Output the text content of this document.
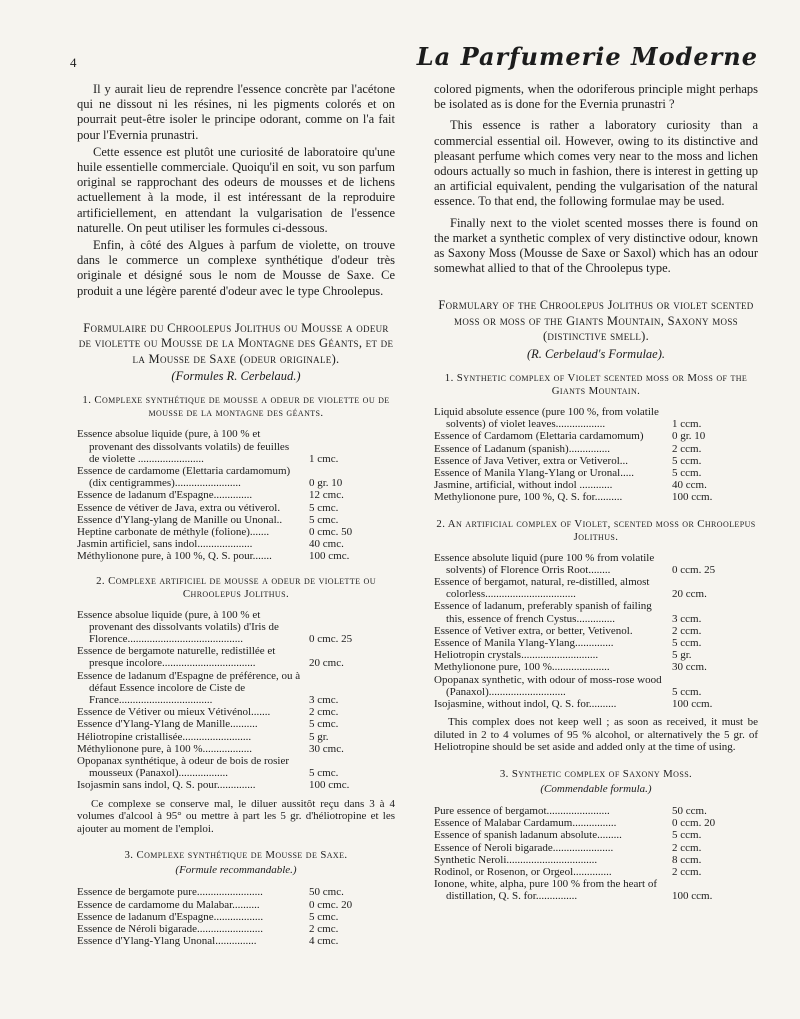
4	La Parfumerie Moderne

Il y aurait lieu de reprendre l'essence concrète par l'acétone qui ne dissout ni les résines, ni les pigments colorés et on pourrait peut-être isoler le principe odorant, comme on l'a fait pour l'Evernia prunastri.

Cette essence est plutôt une curiosité de laboratoire qu'une huile essentielle commerciale. Quoiqu'il en soit, vu son parfum original se rapprochant des odeurs de mousses et de lichens actuellement à la mode, il est intéressant de la reproduire artificiellement, en attendant la vulgarisation de l'essence naturelle. On peut utiliser les formules ci-dessous.

Enfin, à côté des Algues à parfum de violette, on trouve dans le commerce un complexe synthétique d'odeur très originale et désigné sous le nom de Mousse de Saxe. Ce produit a une légère parenté d'odeur avec le type Chroolepus.

Formulaire du Chroolepus Jolithus ou Mousse a odeur de violette ou Mousse de la Montagne des Géants, et de la Mousse de Saxe (odeur originale).
(Formules R. Cerbelaud.)
1. Complexe synthétique de mousse a odeur de violette ou de mousse de la montagne des géants.
Essence absolue liquide (pure, à 100 % et provenant des dissolvants volatils) de feuilles de violette ........................	1 cmc.
Essence de cardamome (Elettaria cardamomum) (dix centigrammes)........................	0 gr. 10
Essence de ladanum d'Espagne..............	12 cmc.
Essence de vétiver de Java, extra ou vétiverol.	5 cmc.
Essence d'Ylang-ylang de Manille ou Unonal..	5 cmc.
Heptine carbonate de méthyle (folione).......	0 cmc. 50
Jasmin artificiel, sans indol....................	40 cmc.
Méthylionone pure, à 100 %, Q. S. pour.......	100 cmc.
2. Complexe artificiel de mousse a odeur de violette ou Chroolepus Jolithus.
Essence absolue liquide (pure, à 100 % et provenant des dissolvants volatils) d'Iris de Florence..........................................	0 cmc. 25
Essence de bergamote naturelle, redistillée et presque incolore..................................	20 cmc.
Essence de ladanum d'Espagne de préférence, ou à défaut Essence incolore de Ciste de France..................................	3 cmc.
Essence de Vétiver ou mieux Vétivénol.......	2 cmc.
Essence d'Ylang-Ylang de Manille..........	5 cmc.
Héliotropine cristallisée.........................	5 gr.
Méthylionone pure, à 100 %..................	30 cmc.
Opopanax synthétique, à odeur de bois de rosier mousseux (Panaxol)..................	5 cmc.
Isojasmin sans indol, Q. S. pour..............	100 cmc.

Ce complexe se conserve mal, le diluer aussitôt reçu dans 3 à 4 volumes d'alcool à 95° ou mettre à part les 5 gr. d'héliotropine et les ajouter au moment de l'emploi.

3. Complexe synthétique de Mousse de Saxe.
(Formule recommandable.)
Essence de bergamote pure........................	50 cmc.
Essence de cardamome du Malabar..........	0 cmc. 20
Essence de ladanum d'Espagne..................	5 cmc.
Essence de Néroli bigarade........................	2 cmc.
Essence d'Ylang-Ylang Unonal...............	4 cmc.

colored pigments, when the odoriferous principle might perhaps be isolated as is done for the Evernia prunastri ?

This essence is rather a laboratory curiosity than a commercial essential oil. However, owing to its distinctive and pleasant perfume which comes very near to the moss and lichen odours actually so much in fashion, there is interest in getting up an artificial equivalent, pending the vulgarisation of the natural essence. To that end, the following formulae may be used.

Finally next to the violet scented mosses there is found on the market a synthetic complex of very distinctive odour, known as Saxony Moss (Mousse de Saxe or Saxol) which has an odour somewhat allied to that of the Chroolepus type.

Formulary of the Chroolepus Jolithus or violet scented moss or moss of the Giants Mountain, Saxony moss (distinctive smell).
(R. Cerbelaud's Formulae).
1. Synthetic complex of Violet scented moss or Moss of the Giants Mountain.
Liquid absolute essence (pure 100 %, from volatile solvents) of violet leaves..................	1 ccm.
Essence of Cardamom (Elettaria cardamomum)	0 gr. 10
Essence of Ladanum (spanish)...............	2 ccm.
Essence of Java Vetiver, extra or Vetiverol...	5 ccm.
Essence of Manila Ylang-Ylang or Uronal.....	5 ccm.
Jasmine, artificial, without indol ............	40 ccm.
Methylionone pure, 100 %, Q. S. for..........	100 ccm.
2. An artificial complex of Violet, scented moss or Chroolepus Jolithus.
Essence absolute liquid (pure 100 % from volatile solvents) of Florence Orris Root........	0 ccm. 25
Essence of bergamot, natural, re-distilled, almost colorless.................................	20 ccm.
Essence of ladanum, preferably spanish of failing this, essence of french Cystus..............	3 ccm.
Essence of Vetiver extra, or better, Vetivenol.	2 ccm.
Essence of Manila Ylang-Ylang..............	5 ccm.
Heliotropin crystals............................	5 gr.
Methylionone pure, 100 %.....................	30 ccm.
Opopanax synthetic, with odour of moss-rose wood (Panaxol)............................	5 ccm.
Isojasmine, without indol, Q. S. for..........	100 ccm.

This complex does not keep well ; as soon as received, it must be diluted in 2 to 4 volumes of 95 % alcohol, or alternatively the 5 gr. of Heliotropine should be set aside and added only at the time of using.

3. Synthetic complex of Saxony Moss.
(Commendable formula.)
Pure essence of bergamot.......................	50 ccm.
Essence of Malabar Cardamum................	0 ccm. 20
Essence of spanish ladanum absolute.........	5 ccm.
Essence of Neroli bigarade......................	2 ccm.
Synthetic Neroli.................................	8 ccm.
Rodinol, or Rosenon, or Orgeol..............	2 ccm.
Ionone, white, alpha, pure 100 % from the heart of distillation, Q. S. for...............	100 ccm.
